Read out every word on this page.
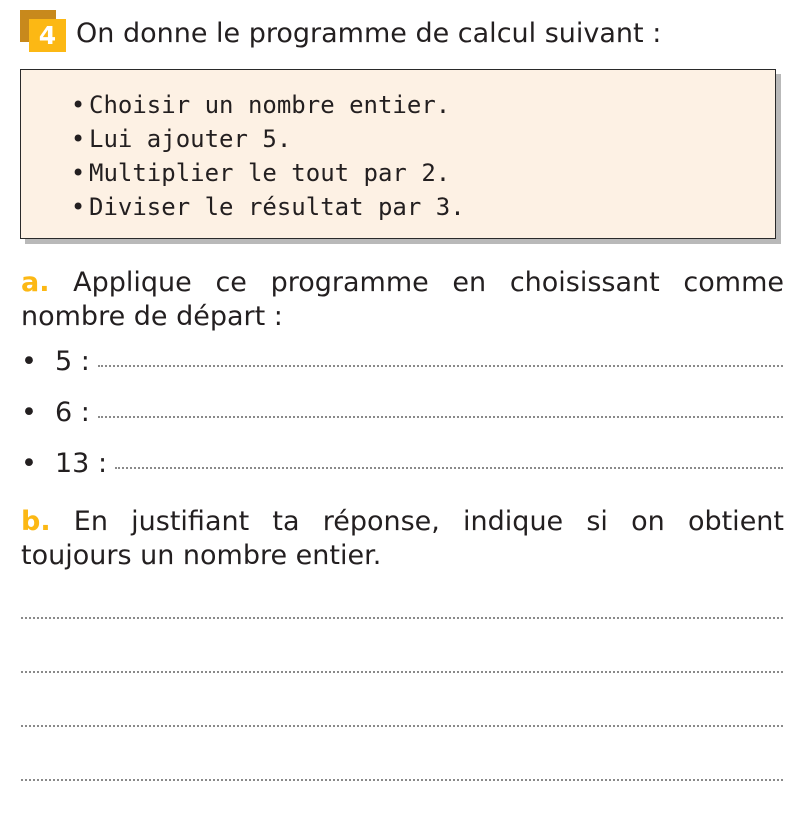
4 On donne le programme de calcul suivant :
• Choisir un nombre entier.
• Lui ajouter 5.
• Multiplier le tout par 2.
• Diviser le résultat par 3.
a. Applique ce programme en choisissant comme nombre de départ :
• 5 :
• 6 :
• 13 :
b. En justifiant ta réponse, indique si on obtient toujours un nombre entier.
